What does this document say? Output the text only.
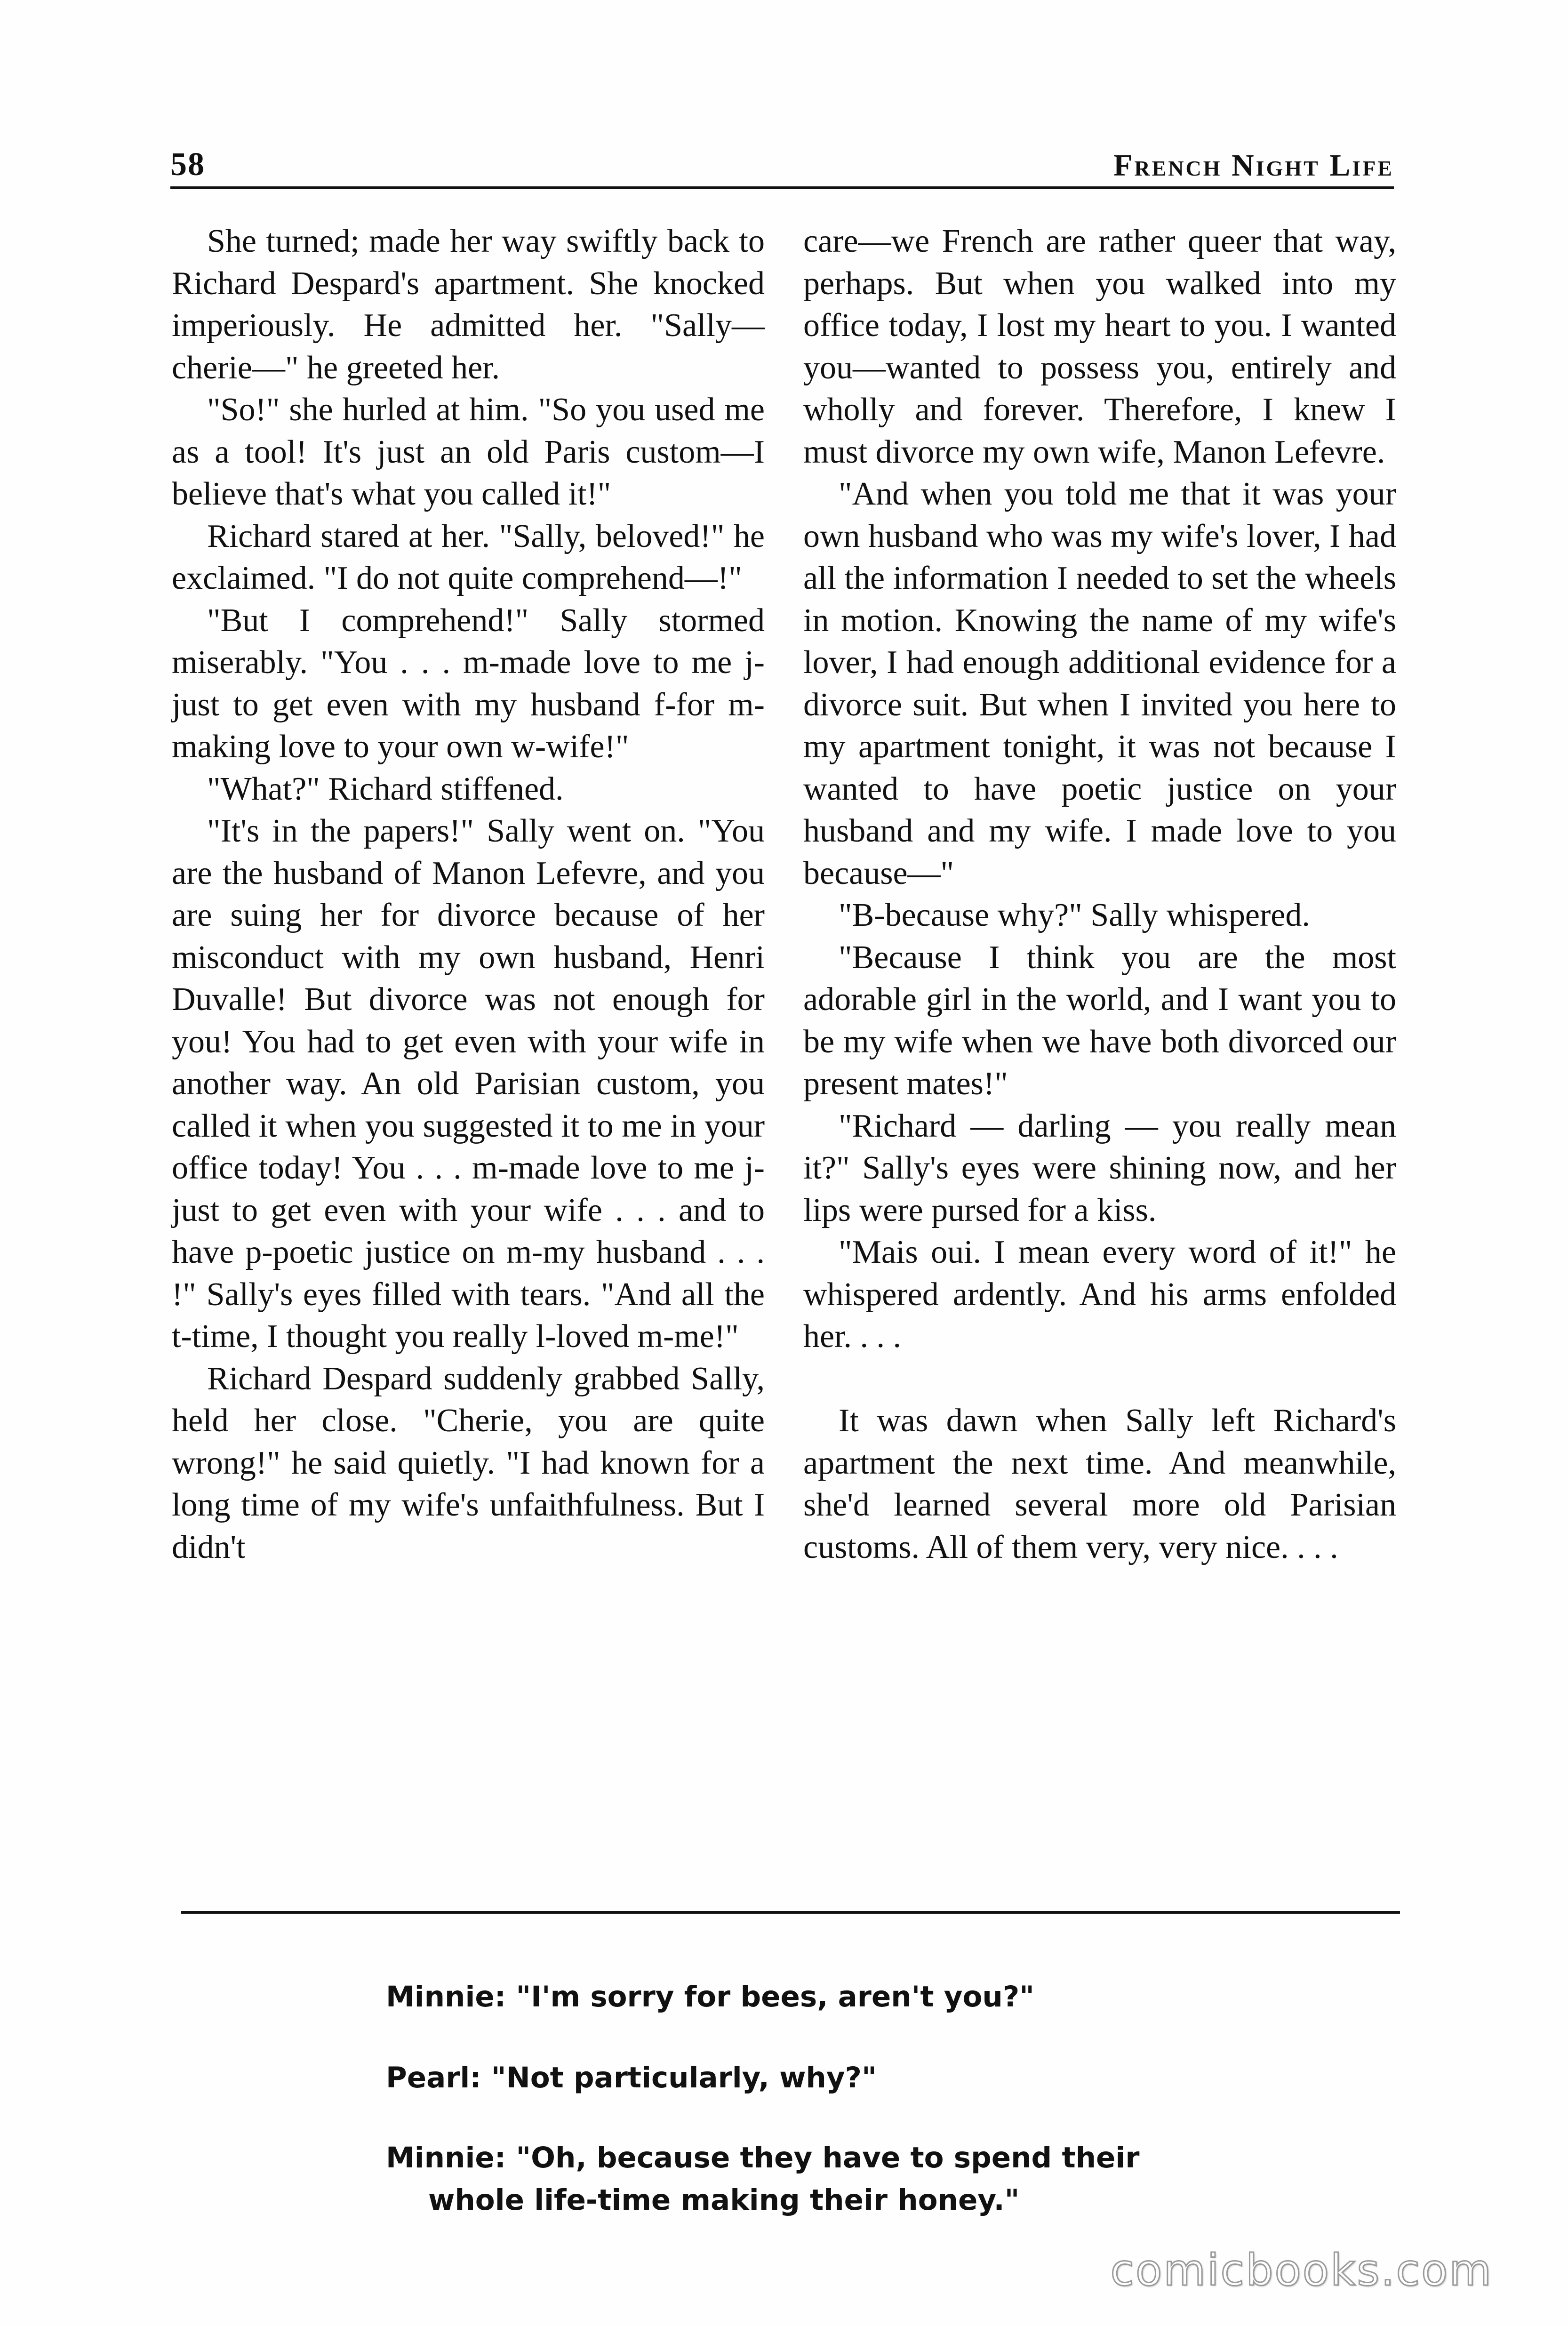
58	French Night Life

She turned; made her way swiftly back to Richard Despard's apartment. She knocked imperiously. He admitted her. "Sally—cherie—" he greeted her.

"So!" she hurled at him. "So you used me as a tool! It's just an old Paris custom—I believe that's what you called it!"

Richard stared at her. "Sally, beloved!" he exclaimed. "I do not quite comprehend—!"

"But I comprehend!" Sally stormed miserably. "You . . . m-made love to me j-just to get even with my husband f-for m-making love to your own w-wife!"

"What?" Richard stiffened.

"It's in the papers!" Sally went on. "You are the husband of Manon Lefevre, and you are suing her for divorce because of her misconduct with my own husband, Henri Duvalle! But divorce was not enough for you! You had to get even with your wife in another way. An old Parisian custom, you called it when you suggested it to me in your office today! You . . . m-made love to me j-just to get even with your wife . . . and to have p-poetic justice on m-my husband . . . !" Sally's eyes filled with tears. "And all the t-time, I thought you really l-loved m-me!"

Richard Despard suddenly grabbed Sally, held her close. "Cherie, you are quite wrong!" he said quietly. "I had known for a long time of my wife's unfaithfulness. But I didn't

care—we French are rather queer that way, perhaps. But when you walked into my office today, I lost my heart to you. I wanted you—wanted to possess you, entirely and wholly and forever. Therefore, I knew I must divorce my own wife, Manon Lefevre.

"And when you told me that it was your own husband who was my wife's lover, I had all the information I needed to set the wheels in motion. Knowing the name of my wife's lover, I had enough additional evidence for a divorce suit. But when I invited you here to my apartment tonight, it was not because I wanted to have poetic justice on your husband and my wife. I made love to you because—"

"B-because why?" Sally whispered.

"Because I think you are the most adorable girl in the world, and I want you to be my wife when we have both divorced our present mates!"

"Richard — darling — you really mean it?" Sally's eyes were shining now, and her lips were pursed for a kiss.

"Mais oui. I mean every word of it!" he whispered ardently. And his arms enfolded her. . . .

It was dawn when Sally left Richard's apartment the next time. And meanwhile, she'd learned several more old Parisian customs. All of them very, very nice. . . .

Minnie: "I'm sorry for bees, aren't you?"
Pearl: "Not particularly, why?"
Minnie: "Oh, because they have to spend their
whole life-time making their honey."
comicbooks.com
